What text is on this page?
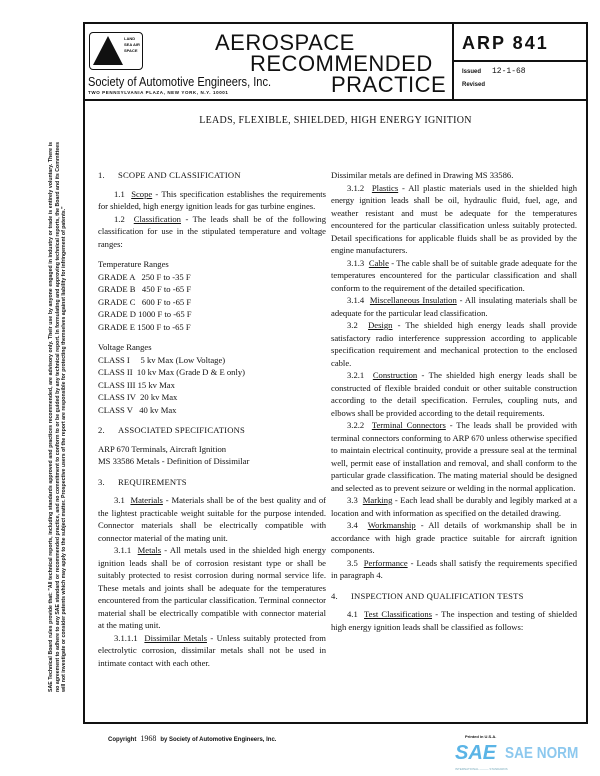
SAE Technical Board rules provide that: "All technical reports, including standards approved and practices recommended, are advisory only. Their use by anyone engaged in industry or trade is entirely voluntary. There is no agreement to adhere to any SAE standard or recommended practice, and no commitment to conform to or be guided by any technical report. In formulating and approving technical reports, the Board and its Committees will not investigate or consider patents which may apply to the subject matter. Prospective users of the report are responsible for protecting themselves against liability for infringement of patents."

LAND SEA AIR SPACE	AEROSPACE
RECOMMENDED
PRACTICE
Society of Automotive Engineers, Inc.
TWO PENNSYLVANIA PLAZA, NEW YORK, N.Y. 10001
ARP 841
Issued 12-1-68
Revised
LEADS, FLEXIBLE, SHIELDED, HIGH ENERGY IGNITION
1. SCOPE AND CLASSIFICATION

1.1 Scope - This specification establishes the requirements for shielded, high energy ignition leads for gas turbine engines.

1.2 Classification - The leads shall be of the following classification for use in the stipulated temperature and voltage ranges:

Temperature Ranges

GRADE A   250 F to -35 F

GRADE B   450 F to -65 F

GRADE C   600 F to -65 F

GRADE D 1000 F to -65 F

GRADE E 1500 F to -65 F

Voltage Ranges

CLASS I     5 kv Max (Low Voltage)

CLASS II  10 kv Max (Grade D & E only)

CLASS III 15 kv Max

CLASS IV  20 kv Max

CLASS V   40 kv Max

2. ASSOCIATED SPECIFICATIONS

ARP 670 Terminals, Aircraft Ignition

MS 33586 Metals - Definition of Dissimilar

3. REQUIREMENTS

3.1 Materials - Materials shall be of the best quality and of the lightest practicable weight suitable for the purpose intended. Connector materials shall be electrically compatible with connector material of the mating unit.

3.1.1 Metals - All metals used in the shielded high energy ignition leads shall be of corrosion resistant type or shall be suitably protected to resist corrosion during normal service life. These metals and joints shall be adequate for the temperatures encountered from the particular classification. Terminal connector material shall be electrically compatible with connector material at the mating unit.

3.1.1.1 Dissimilar Metals - Unless suitably protected from electrolytic corrosion, dissimilar metals shall not be used in intimate contact with each other.

Dissimilar metals are defined in Drawing MS 33586.

3.1.2 Plastics - All plastic materials used in the shielded high energy ignition leads shall be oil, hydraulic fluid, fuel, age, and weather resistant and must be adequate for the temperatures encountered for the particular classification unless suitably protected. Detail specifications for applicable fluids shall be as provided by the engine manufacturers.

3.1.3 Cable - The cable shall be of suitable grade adequate for the temperatures encountered for the particular classification and shall conform to the requirement of the detailed specification.

3.1.4 Miscellaneous Insulation - All insulating materials shall be adequate for the particular lead classification.

3.2 Design - The shielded high energy leads shall provide satisfactory radio interference suppression according to applicable specification requirement and mechanical protection to the enclosed cable.

3.2.1 Construction - The shielded high energy leads shall be constructed of flexible braided conduit or other suitable construction according to the detail specification. Ferrules, coupling nuts, and elbows shall be provided according to the detail requirements.

3.2.2 Terminal Connectors - The leads shall be provided with terminal connectors conforming to ARP 670 unless otherwise specified to maintain electrical continuity, provide a pressure seal at the terminal well, permit ease of installation and removal, and shall conform to the particular grade classification. The mating material should be designed and selected as to prevent seizure or welding in the normal application.

3.3 Marking - Each lead shall be durably and legibly marked at a location and with information as specified on the detailed drawing.

3.4 Workmanship - All details of workmanship shall be in accordance with high grade practice suitable for aircraft ignition components.

3.5 Performance - Leads shall satisfy the requirements specified in paragraph 4.

4. INSPECTION AND QUALIFICATION TESTS

4.1 Test Classifications - The inspection and testing of shielded high energy ignition leads shall be classified as follows:

Copyright 1968 by Society of Automotive Engineers, Inc.
Printed in U.S.A.
SAE SAE NORM
INTERNATIONAL ——— STANDARDS
